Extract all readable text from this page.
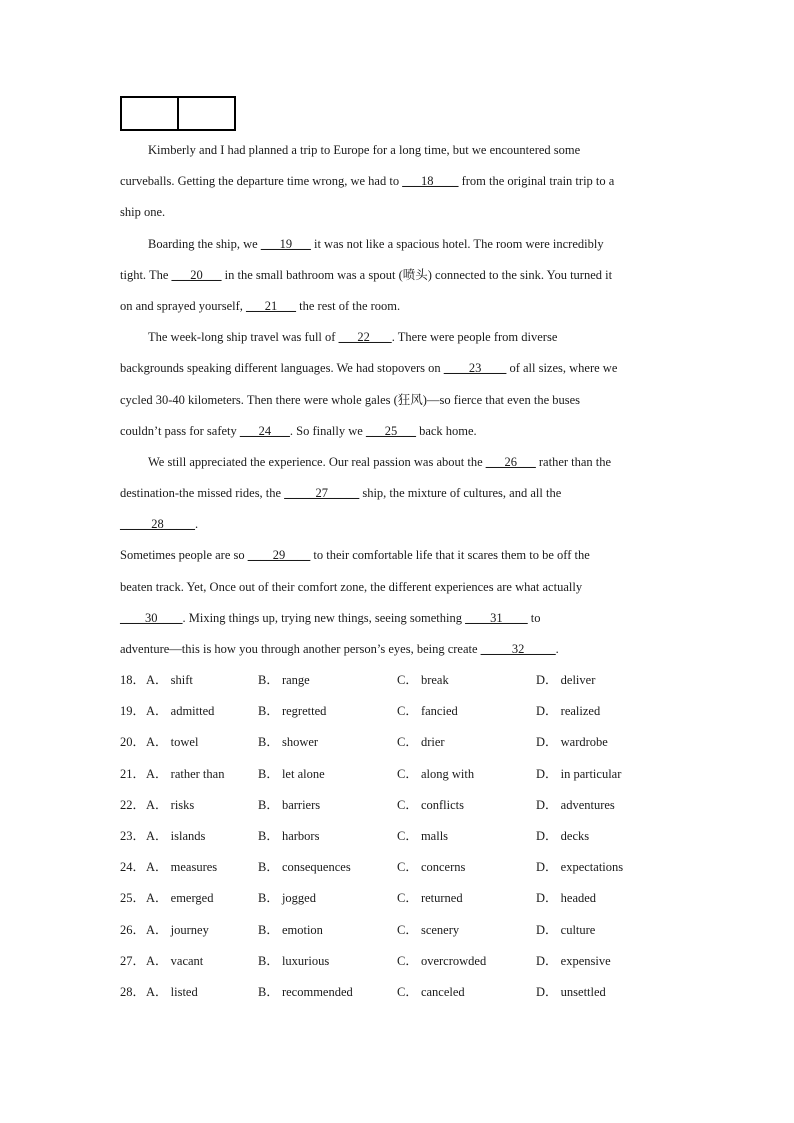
Kimberly and I had planned a trip to Europe for a long time, but we encountered some
curveballs. Getting the departure time wrong, we had to ___18____ from the original train trip to a
ship one.
Boarding the ship, we ___19___ it was not like a spacious hotel. The room were incredibly
tight. The ___20___ in the small bathroom was a spout (喷头) connected to the sink. You turned it
on and sprayed yourself, ___21___ the rest of the room.
The week-long ship travel was full of ___22___ . There were people from diverse
backgrounds speaking different languages. We had stopovers on ____23____ of all sizes, where we
cycled 30-40 kilometers. Then there were whole gales (狂风)—so fierce that even the buses
couldn’t pass for safety ___24___. So finally we ___25___ back home.
We still appreciated the experience. Our real passion was about the ___26___ rather than the
destination-the missed rides, the _____27_____ ship, the mixture of cultures, and all the
_____28_____.
Sometimes people are so ____29____ to their comfortable life that it scares them to be off the
beaten track. Yet, Once out of their comfort zone, the different experiences are what actually
____30____. Mixing things up, trying new things, seeing something ____31____ to
adventure—this is how you through another person’s eyes, being create _____32_____.
18．A． shift	B． range	C． break	D． deliver
19．A． admitted	B． regretted	C． fancied	D． realized
20．A． towel	B． shower	C． drier	D． wardrobe
21．A． rather than	B． let alone	C． along with	D． in particular
22．A． risks	B． barriers	C． conflicts	D． adventures
23．A． islands	B． harbors	C． malls	D． decks
24．A． measures	B． consequences	C． concerns	D． expectations
25．A． emerged	B． jogged	C． returned	D． headed
26．A． journey	B． emotion	C． scenery	D． culture
27．A． vacant	B． luxurious	C． overcrowded	D． expensive
28．A． listed	B． recommended	C． canceled	D． unsettled
